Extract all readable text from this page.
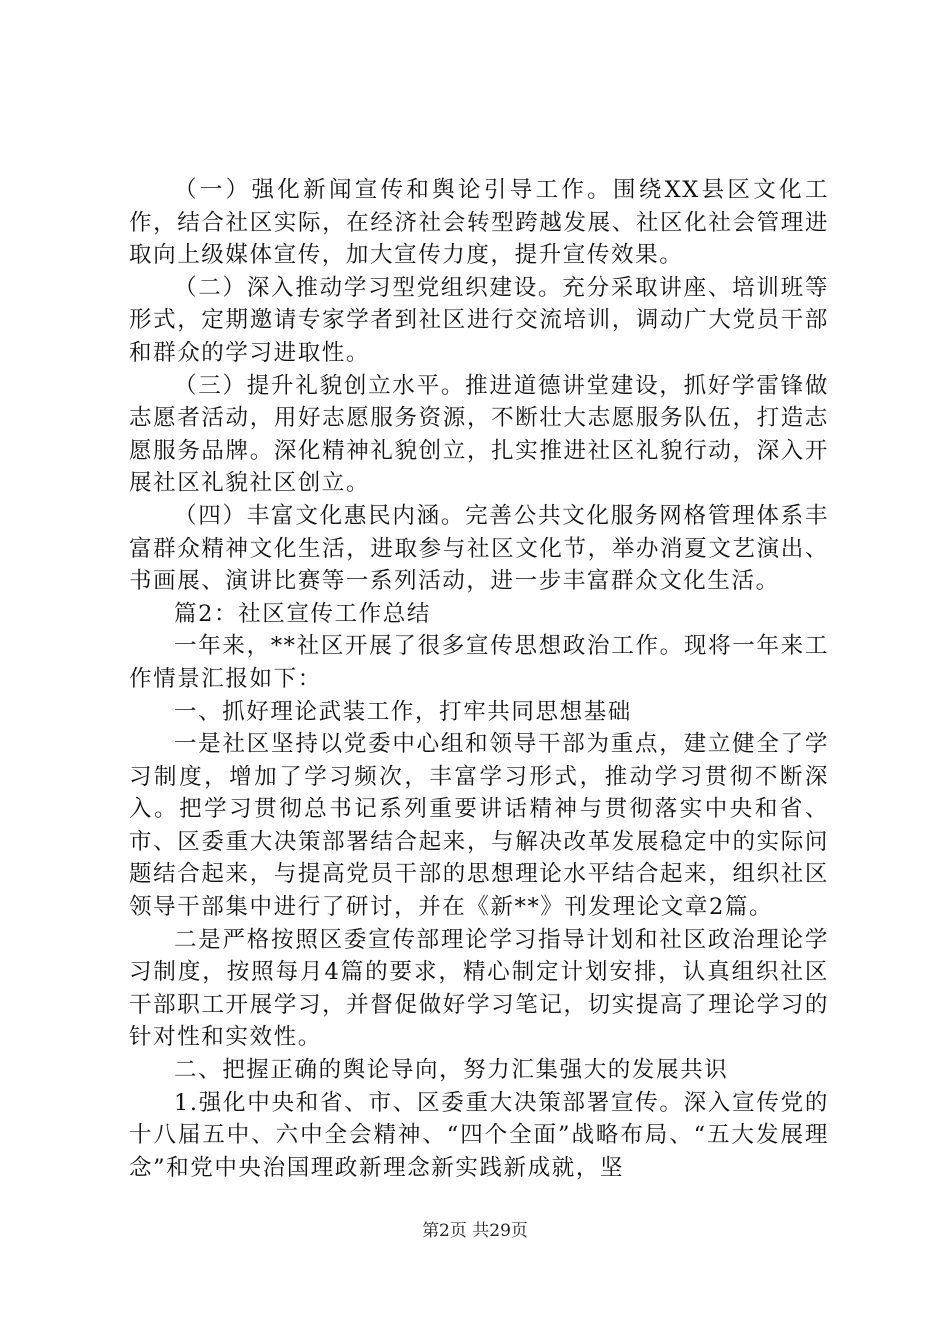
（一）强化新闻宣传和舆论引导工作。围绕XX县区文化工作，结合社区实际，在经济社会转型跨越发展、社区化社会管理进取向上级媒体宣传，加大宣传力度，提升宣传效果。

（二）深入推动学习型党组织建设。充分采取讲座、培训班等形式，定期邀请专家学者到社区进行交流培训，调动广大党员干部和群众的学习进取性。

（三）提升礼貌创立水平。推进道德讲堂建设，抓好学雷锋做志愿者活动，用好志愿服务资源，不断壮大志愿服务队伍，打造志愿服务品牌。深化精神礼貌创立，扎实推进社区礼貌行动，深入开展社区礼貌社区创立。

（四）丰富文化惠民内涵。完善公共文化服务网格管理体系丰富群众精神文化生活，进取参与社区文化节，举办消夏文艺演出、书画展、演讲比赛等一系列活动，进一步丰富群众文化生活。

篇2：社区宣传工作总结

一年来，**社区开展了很多宣传思想政治工作。现将一年来工作情景汇报如下：

一、抓好理论武装工作，打牢共同思想基础

一是社区坚持以党委中心组和领导干部为重点，建立健全了学习制度，增加了学习频次，丰富学习形式，推动学习贯彻不断深入。把学习贯彻总书记系列重要讲话精神与贯彻落实中央和省、市、区委重大决策部署结合起来，与解决改革发展稳定中的实际问题结合起来，与提高党员干部的思想理论水平结合起来，组织社区领导干部集中进行了研讨，并在《新**》刊发理论文章2篇。

二是严格按照区委宣传部理论学习指导计划和社区政治理论学习制度，按照每月4篇的要求，精心制定计划安排，认真组织社区干部职工开展学习，并督促做好学习笔记，切实提高了理论学习的针对性和实效性。

二、把握正确的舆论导向，努力汇集强大的发展共识

1.强化中央和省、市、区委重大决策部署宣传。深入宣传党的十八届五中、六中全会精神、“四个全面”战略布局、“五大发展理念”和党中央治国理政新理念新实践新成就，坚

第2页 共29页
